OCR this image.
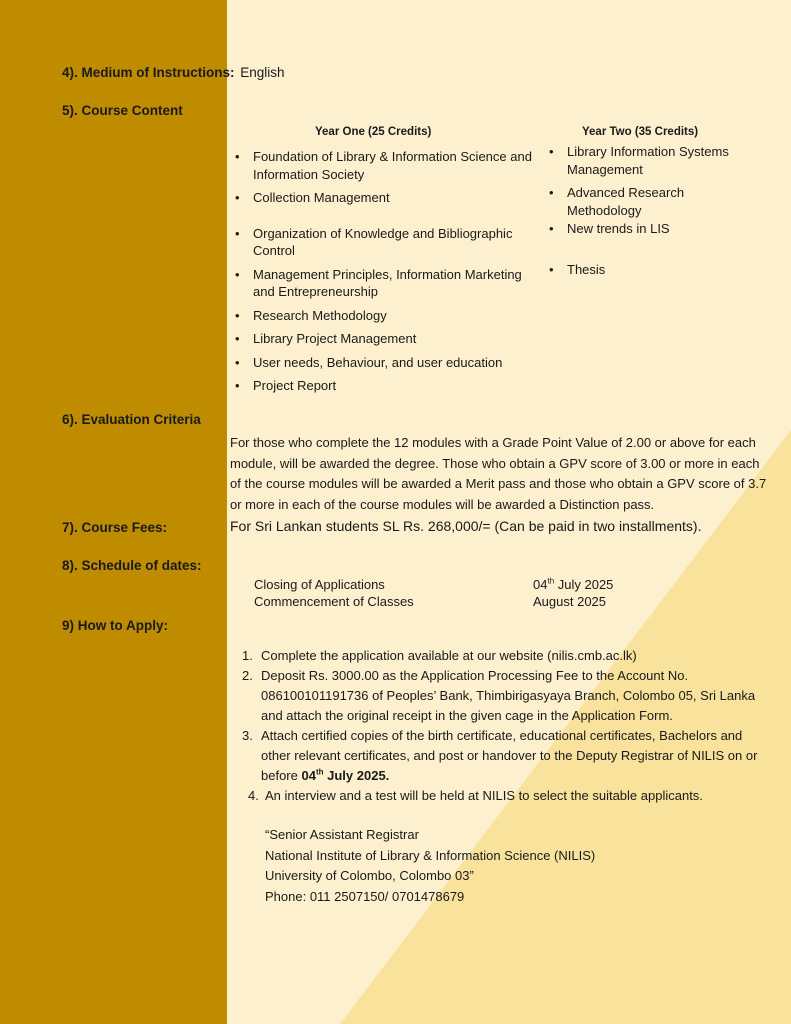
4). Medium of Instructions: English
5). Course Content
Year One (25 Credits)
• Foundation of Library & Information Science and Information Society
• Collection Management
• Organization of Knowledge and Bibliographic Control
• Management Principles, Information Marketing and Entrepreneurship
• Research Methodology
• Library Project Management
• User needs, Behaviour, and user education
• Project Report
Year Two (35 Credits)
• Library Information Systems Management
• Advanced Research Methodology
• New trends in LIS
• Thesis
6). Evaluation Criteria
For those who complete the 12 modules with a Grade Point Value of 2.00 or above for each module, will be awarded the degree. Those who obtain a GPV score of 3.00 or more in each of the course modules will be awarded a Merit pass and those who obtain a GPV score of 3.7 or more in each of the course modules will be awarded a Distinction pass.
7). Course Fees:	For Sri Lankan students SL Rs. 268,000/= (Can be paid in two installments).
8). Schedule of dates:
Closing of Applications	04th July 2025
Commencement of Classes	August 2025
9) How to Apply:
1. Complete the application available at our website (nilis.cmb.ac.lk)
2. Deposit Rs. 3000.00 as the Application Processing Fee to the Account No. 086100101191736 of Peoples’ Bank, Thimbirigasyaya Branch, Colombo 05, Sri Lanka and attach the original receipt in the given cage in the Application Form.
3. Attach certified copies of the birth certificate, educational certificates, Bachelors and other relevant certificates, and post or handover to the Deputy Registrar of NILIS on or before 04th July 2025.
4. An interview and a test will be held at NILIS to select the suitable applicants.
“Senior Assistant Registrar
National Institute of Library & Information Science (NILIS)
University of Colombo, Colombo 03”
Phone: 011 2507150/ 0701478679
